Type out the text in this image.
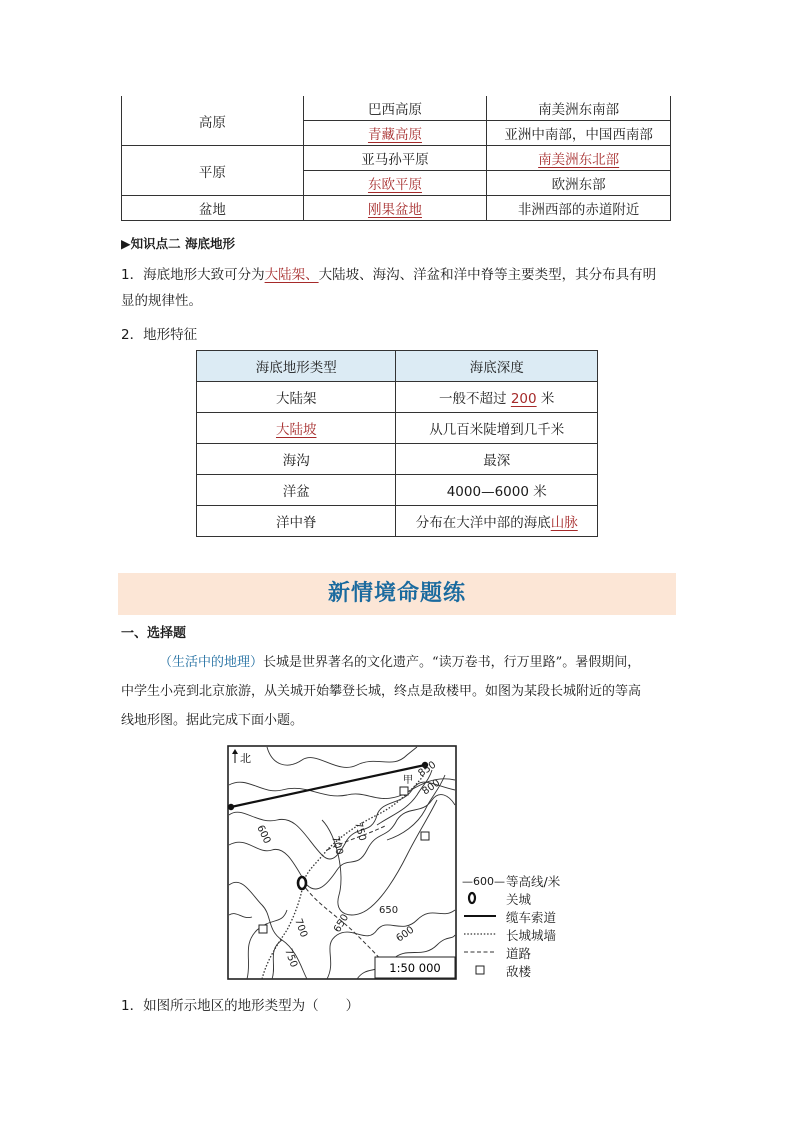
高原	巴西高原	南美洲东南部
	青藏高原	亚洲中南部，中国西南部
平原	亚马孙平原	南美洲东北部
	东欧平原	欧洲东部
盆地	刚果盆地	非洲西部的赤道附近
▶知识点二 海底地形
1．海底地形大致可分为大陆架、大陆坡、海沟、洋盆和洋中脊等主要类型，其分布具有明
显的规律性。
2．地形特征
海底地形类型	海底深度
大陆架	一般不超过 200 米
大陆坡	从几百米陡增到几千米
海沟	最深
洋盆	4000—6000 米
洋中脊	分布在大洋中部的海底山脉
新情境命题练
一、选择题
（生活中的地理）长城是世界著名的文化遗产。“读万卷书，行万里路”。暑假期间，
中学生小亮到北京旅游，从关城开始攀登长城，终点是敌楼甲。如图为某段长城附近的等高
线地形图。据此完成下面小题。
北
甲
850
800
750
700
600
650
700 650	600
750	1:50 000
—600— 等高线/米
关城
缆车索道
长城城墙
道路
敌楼
1．如图所示地区的地形类型为（　　）
